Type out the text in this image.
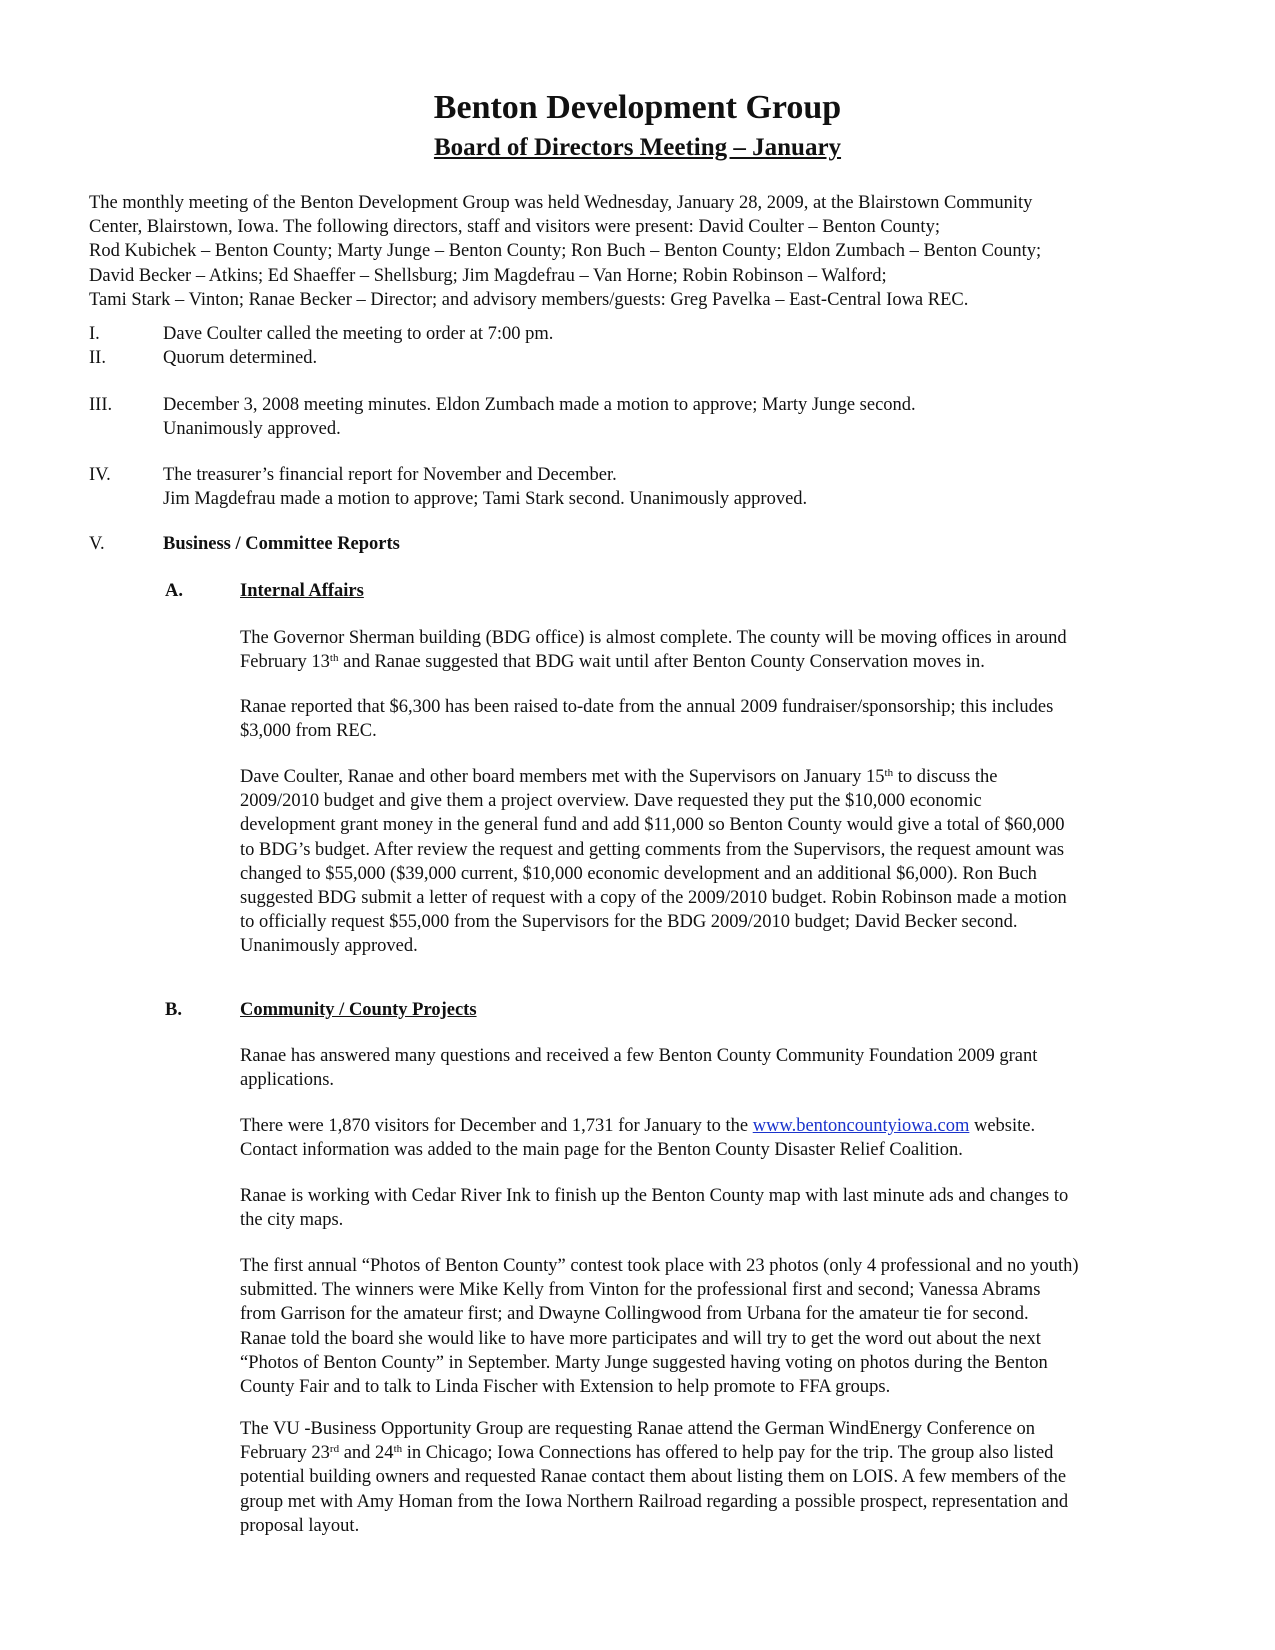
Benton Development Group
Board of Directors Meeting – January
The monthly meeting of the Benton Development Group was held Wednesday, January 28, 2009, at the Blairstown Community
Center, Blairstown, Iowa. The following directors, staff and visitors were present: David Coulter – Benton County;
Rod Kubichek – Benton County; Marty Junge – Benton County; Ron Buch – Benton County; Eldon Zumbach – Benton County;
David Becker – Atkins; Ed Shaeffer – Shellsburg; Jim Magdefrau – Van Horne; Robin Robinson – Walford;
Tami Stark – Vinton; Ranae Becker – Director; and advisory members/guests: Greg Pavelka – East-Central Iowa REC.
I.	Dave Coulter called the meeting to order at 7:00 pm.
II.	Quorum determined.
III.	December 3, 2008 meeting minutes. Eldon Zumbach made a motion to approve; Marty Junge second.
Unanimously approved.
IV.	The treasurer’s financial report for November and December.
Jim Magdefrau made a motion to approve; Tami Stark second. Unanimously approved.
V.	Business / Committee Reports
A.	Internal Affairs
The Governor Sherman building (BDG office) is almost complete. The county will be moving offices in around
February 13th and Ranae suggested that BDG wait until after Benton County Conservation moves in.
Ranae reported that $6,300 has been raised to-date from the annual 2009 fundraiser/sponsorship; this includes
$3,000 from REC.
Dave Coulter, Ranae and other board members met with the Supervisors on January 15th to discuss the
2009/2010 budget and give them a project overview. Dave requested they put the $10,000 economic
development grant money in the general fund and add $11,000 so Benton County would give a total of $60,000
to BDG’s budget. After review the request and getting comments from the Supervisors, the request amount was
changed to $55,000 ($39,000 current, $10,000 economic development and an additional $6,000). Ron Buch
suggested BDG submit a letter of request with a copy of the 2009/2010 budget. Robin Robinson made a motion
to officially request $55,000 from the Supervisors for the BDG 2009/2010 budget; David Becker second.
Unanimously approved.
B.	Community / County Projects
Ranae has answered many questions and received a few Benton County Community Foundation 2009 grant
applications.
There were 1,870 visitors for December and 1,731 for January to the www.bentoncountyiowa.com website.
Contact information was added to the main page for the Benton County Disaster Relief Coalition.
Ranae is working with Cedar River Ink to finish up the Benton County map with last minute ads and changes to
the city maps.
The first annual “Photos of Benton County” contest took place with 23 photos (only 4 professional and no youth)
submitted. The winners were Mike Kelly from Vinton for the professional first and second; Vanessa Abrams
from Garrison for the amateur first; and Dwayne Collingwood from Urbana for the amateur tie for second.
Ranae told the board she would like to have more participates and will try to get the word out about the next
“Photos of Benton County” in September. Marty Junge suggested having voting on photos during the Benton
County Fair and to talk to Linda Fischer with Extension to help promote to FFA groups.
The VU -Business Opportunity Group are requesting Ranae attend the German WindEnergy Conference on
February 23rd and 24th in Chicago; Iowa Connections has offered to help pay for the trip. The group also listed
potential building owners and requested Ranae contact them about listing them on LOIS. A few members of the
group met with Amy Homan from the Iowa Northern Railroad regarding a possible prospect, representation and
proposal layout.
